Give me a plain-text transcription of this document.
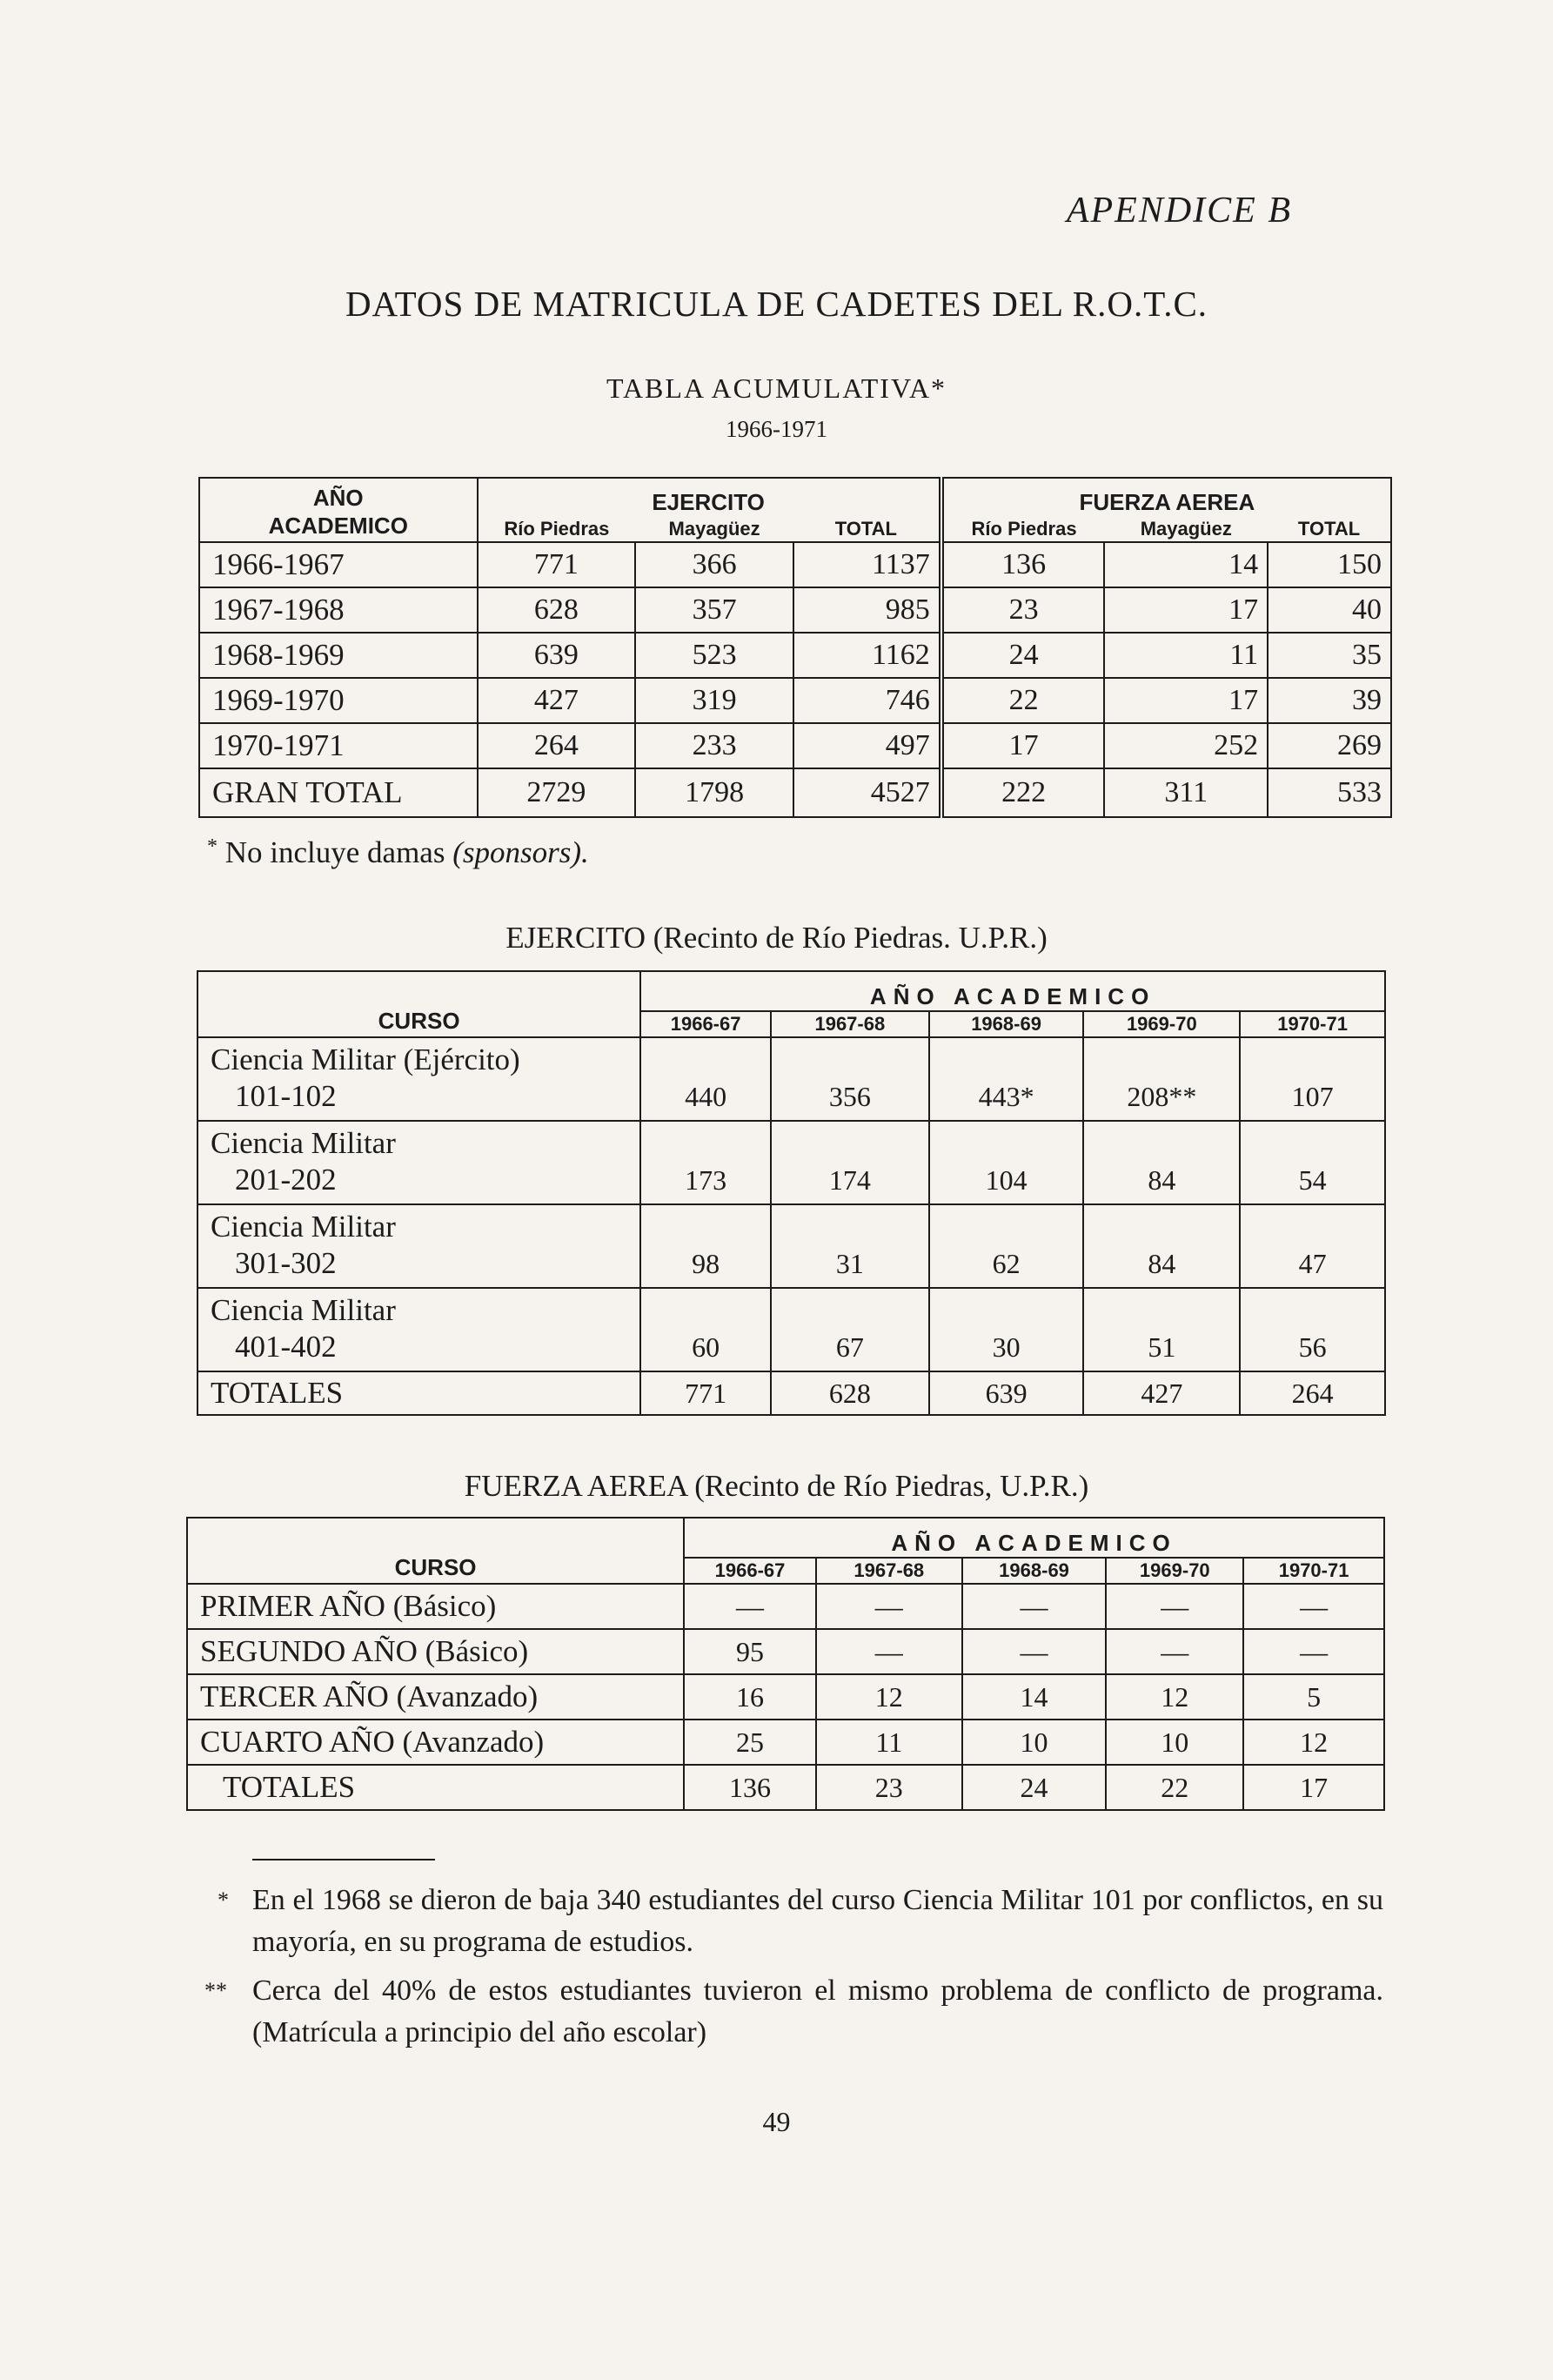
APENDICE B
DATOS DE MATRICULA DE CADETES DEL R.O.T.C.
TABLA ACUMULATIVA*
1966-1971
AÑO
ACADEMICO	EJERCITO			FUERZA AEREA		
	Río Piedras	Mayagüez	TOTAL	Río Piedras	Mayagüez	TOTAL
1966-1967	771	366	1137	136	14	150
1967-1968	628	357	985	23	17	40
1968-1969	639	523	1162	24	11	35
1969-1970	427	319	746	22	17	39
1970-1971	264	233	497	17	252	269
GRAN TOTAL	2729	1798	4527	222	311	533
* No incluye damas (sponsors).
EJERCITO (Recinto de Río Piedras. U.P.R.)
CURSO	AÑO ACADEMICO				
	1966-67	1967-68	1968-69	1969-70	1970-71

Ciencia Militar (Ejército)
101-102	440	356	443*	208**	107

Ciencia Militar
201-202	173	174	104	84	54

Ciencia Militar
301-302	98	31	62	84	47

Ciencia Militar
401-402	60	67	30	51	56
TOTALES	771	628	639	427	264
FUERZA AEREA (Recinto de Río Piedras, U.P.R.)
CURSO	AÑO ACADEMICO				
	1966-67	1967-68	1968-69	1969-70	1970-71
PRIMER AÑO (Básico)	—	—	—	—	—
SEGUNDO AÑO (Básico)	95	—	—	—	—
TERCER AÑO (Avanzado)	16	12	14	12	5
CUARTO AÑO (Avanzado)	25	11	10	10	12
TOTALES	136	23	24	22	17
* En el 1968 se dieron de baja 340 estudiantes del curso Ciencia Militar 101 por conflictos, en su mayoría, en su programa de estudios.
** Cerca del 40% de estos estudiantes tuvieron el mismo problema de conflicto de programa. (Matrícula a principio del año escolar)
49
